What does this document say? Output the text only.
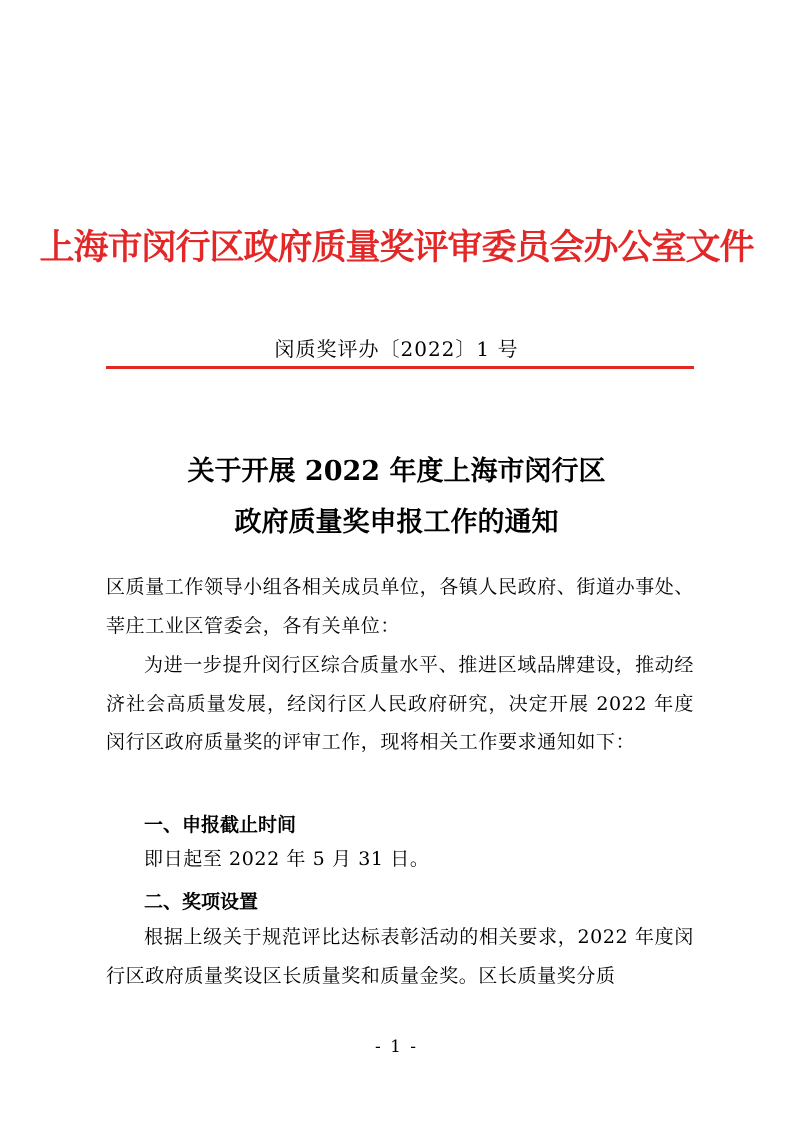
上海市闵行区政府质量奖评审委员会办公室文件
闵质奖评办〔2022〕1 号
关于开展 2022 年度上海市闵行区
政府质量奖申报工作的通知
区质量工作领导小组各相关成员单位，各镇人民政府、街道办事处、莘庄工业区管委会，各有关单位：
为进一步提升闵行区综合质量水平、推进区域品牌建设，推动经济社会高质量发展，经闵行区人民政府研究，决定开展 2022 年度闵行区政府质量奖的评审工作，现将相关工作要求通知如下：
一、申报截止时间
即日起至 2022 年 5 月 31 日。
二、奖项设置
根据上级关于规范评比达标表彰活动的相关要求，2022 年度闵行区政府质量奖设区长质量奖和质量金奖。区长质量奖分质
- 1 -
